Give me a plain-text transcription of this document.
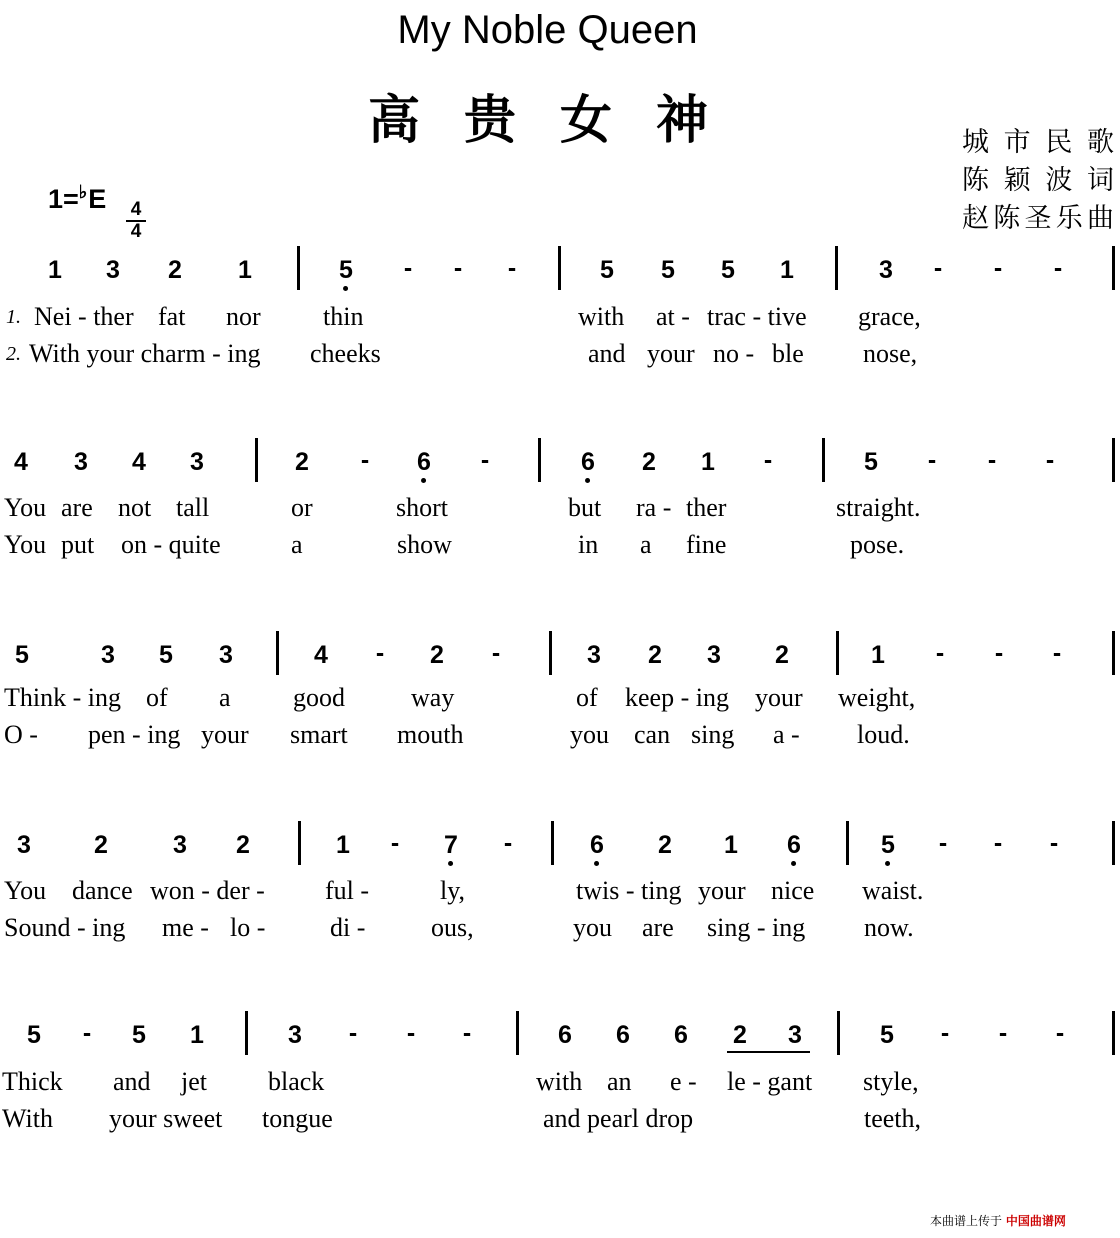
My Noble Queen
高贵女神	城市民歌
陈颖波词
赵陈圣乐曲
1=♭E 4
4
1 3 2 1	5 - - -	5 5 5 1	3 - - -
1. Nei - ther fat nor thin	with at - trac - tive grace,
2. With your charm - ing cheeks	and your no - ble nose,
4 3 4 3	2 - 6 -	6 2 1 -	5 - - -
You are not tall	or	short	but ra - ther	straight.
You put on - quite	a	show	in a fine	pose.
5	3 5 3	4 - 2 -	3 2 3 2	1 - - -
Think - ing of a good	way	of keep - ing your weight,
O - pen - ing your smart mouth	you can sing a - loud.
3	2	3 2	1 - 7 -	6 2 1 6	5 - - -
You dance won - der - ful -	ly,	twis - ting your nice waist.
Sound - ing me - lo - di -	ous,	you are sing - ing now.
5 - 5 1	3 - - -	6 6 6 2 3	5 - - -
Thick and jet black	with an e - le - gant style,
With your sweet tongue	and pearl drop	teeth,
本曲谱上传于 中国曲谱网
